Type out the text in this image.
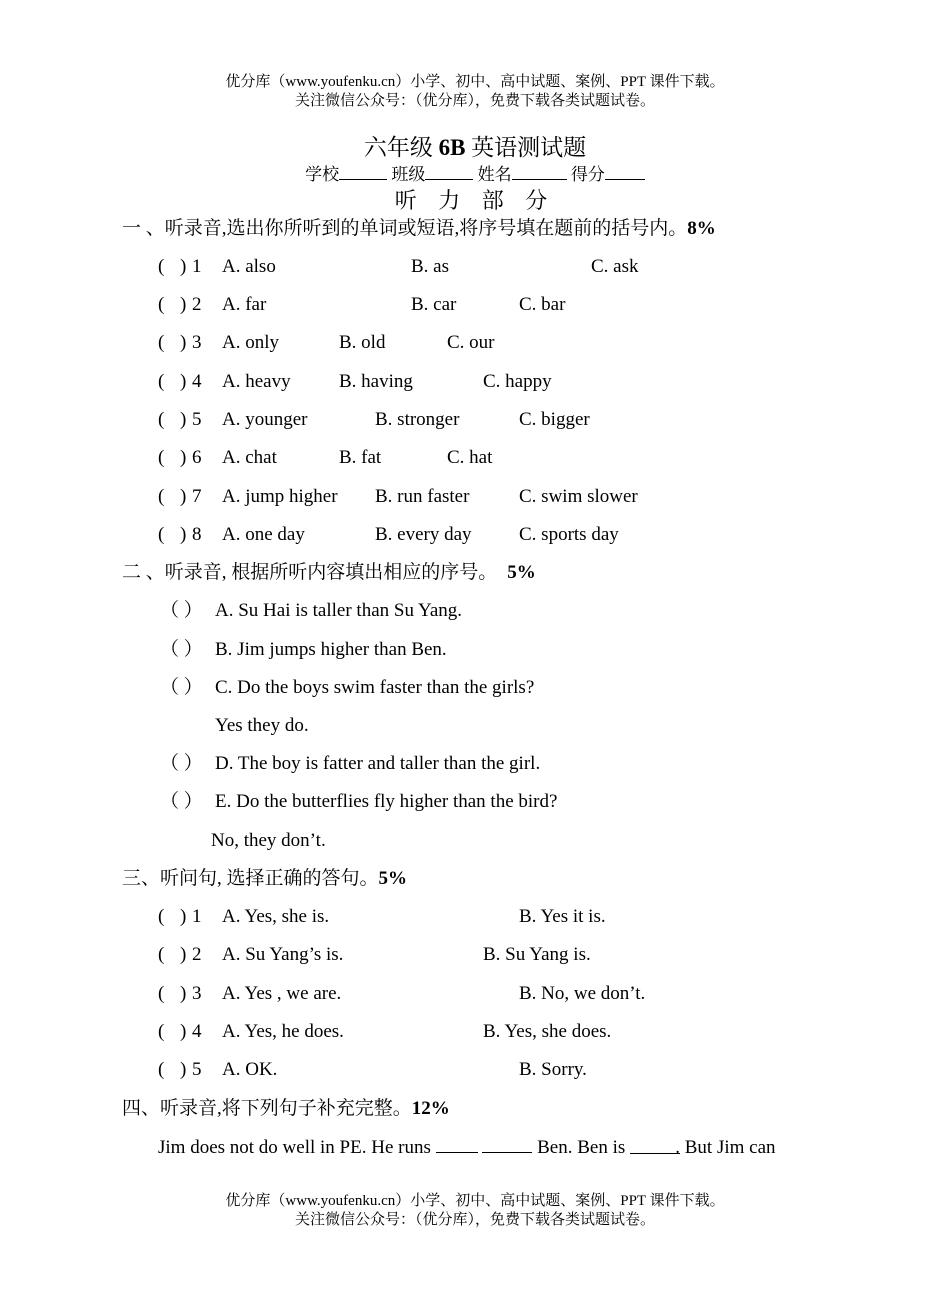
优分库（www.youfenku.cn）小学、初中、高中试题、案例、PPT 课件下载。
关注微信公众号：（优分库），免费下载各类试题试卷。
六年级 6B 英语测试题
学校	班级	姓名	得分
听 力 部 分
一 、听录音,选出你所听到的单词或短语,将序号填在题前的括号内。8%
( ) 1 A. also	B. as	C. ask
( ) 2 A. far	B. car	C. bar
( ) 3 A. only	B. old	C. our
( ) 4 A. heavy	B. having	C. happy
( ) 5 A. younger	B. stronger	C. bigger
( ) 6 A. chat	B. fat	C. hat
( ) 7 A. jump higher B. run faster	C. swim slower
( ) 8 A. one day	B. every day C. sports day
二 、听录音, 根据所听内容填出相应的序号。 5%
（ ） A. Su Hai is taller than Su Yang.
（ ） B. Jim jumps higher than Ben.
（ ） C. Do the boys swim faster than the girls?
Yes they do.
（ ） D. The boy is fatter and taller than the girl.
（ ） E. Do the butterflies fly higher than the bird?
No, they don’t.
三、听问句, 选择正确的答句。5%
( ) 1 A. Yes, she is.	B. Yes it is.
( ) 2 A. Su Yang’s is.	B. Su Yang is.
( ) 3 A. Yes , we are.	B. No, we don’t.
( ) 4 A. Yes, he does.	B. Yes, she does.
( ) 5 A. OK.	B. Sorry.
四、听录音,将下列句子补充完整。12%
Jim does not do well in PE. He runs	Ben. Ben is . But Jim can
优分库（www.youfenku.cn）小学、初中、高中试题、案例、PPT 课件下载。
关注微信公众号：（优分库），免费下载各类试题试卷。
